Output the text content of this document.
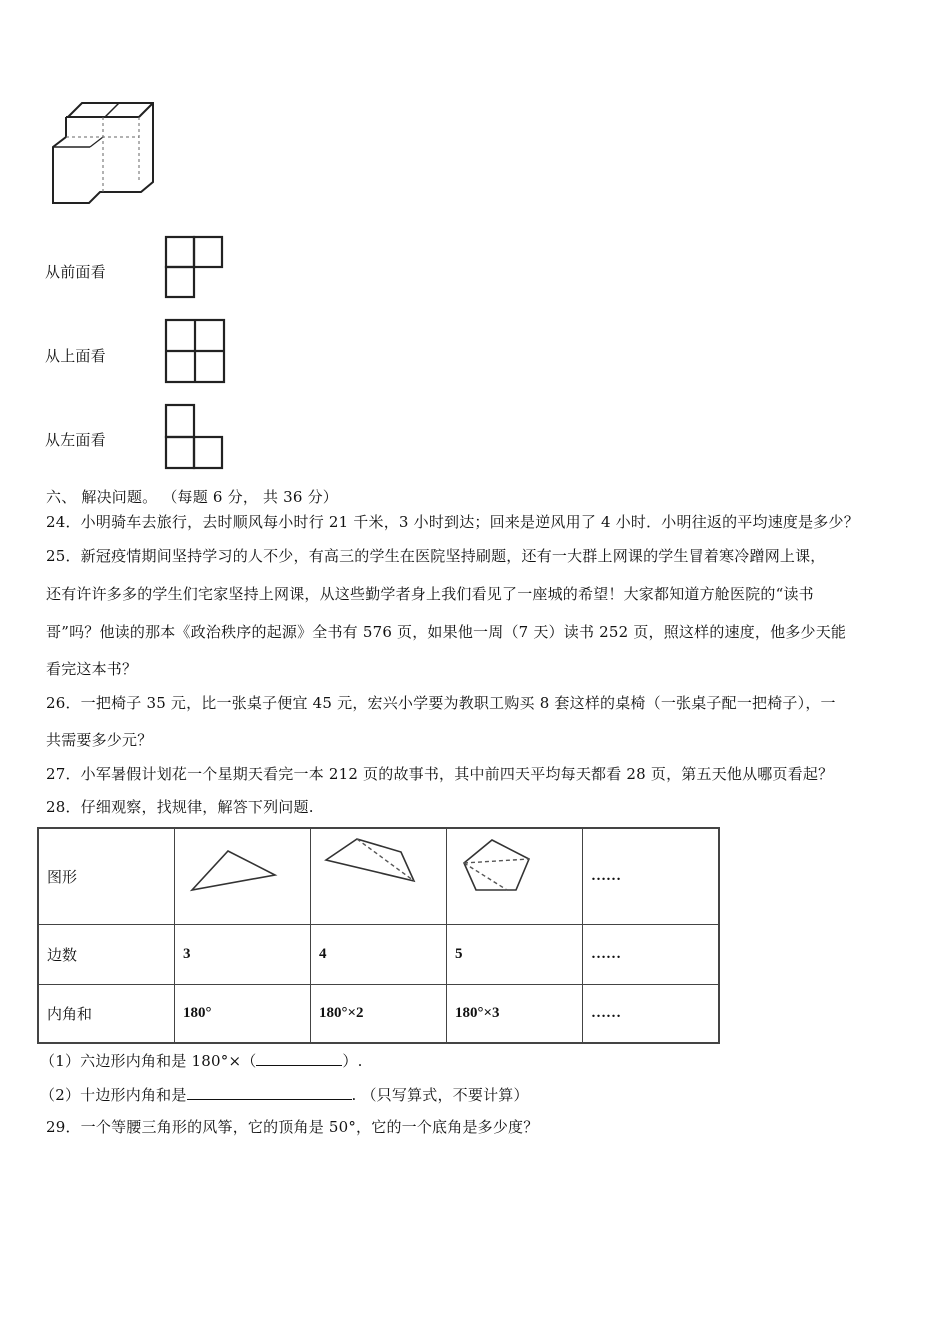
从前面看
从上面看
从左面看
六、 解决问题。 （每题 6 分， 共 36 分）
24．小明骑车去旅行，去时顺风每小时行 21 千米，3 小时到达；回来是逆风用了 4 小时．小明往返的平均速度是多少？
25．新冠疫情期间坚持学习的人不少，有高三的学生在医院坚持刷题，还有一大群上网课的学生冒着寒冷蹭网上课，
还有许许多多的学生们宅家坚持上网课，从这些勤学者身上我们看见了一座城的希望！大家都知道方舱医院的“读书
哥”吗？他读的那本《政治秩序的起源》全书有 576 页，如果他一周（7 天）读书 252 页，照这样的速度，他多少天能
看完这本书？
26．一把椅子 35 元，比一张桌子便宜 45 元，宏兴小学要为教职工购买 8 套这样的桌椅（一张桌子配一把椅子），一
共需要多少元？
27．小军暑假计划花一个星期天看完一本 212 页的故事书，其中前四天平均每天都看 28 页，第五天他从哪页看起？
28．仔细观察，找规律，解答下列问题.
图形				……
边数	3	4	5	……
内角和	180°	180°×2	180°×3	……
（1）六边形内角和是 180°×（	）.
（2）十边形内角和是	. （只写算式，不要计算）
29．一个等腰三角形的风筝，它的顶角是 50°，它的一个底角是多少度？
